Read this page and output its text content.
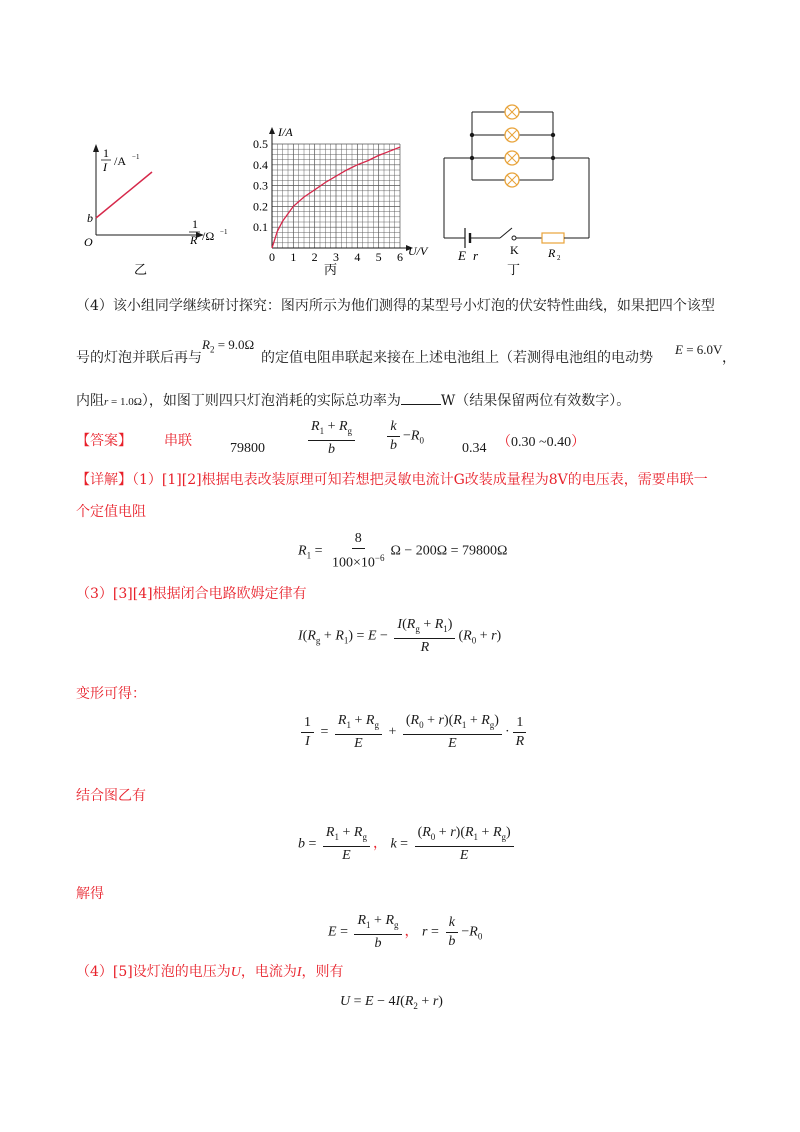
1
I /A −1
b
O
1
R /Ω −1
乙
0 1 2 3 4 5 6
0.1
0.2
0.3
0.4
0.5
I/A
U/V
丙
E r	K R 2
丁
（4）该小组同学继续研讨探究：图丙所示为他们测得的某型号小灯泡的伏安特性曲线，如果把四个该型
号的灯泡并联后再与
$R_2 = 9.0\Omega$
的定值电阻串联起来接在上述电池组上（若测得电池组的电动势
E = 6.0V
，
内阻r = 1.0Ω），如图丁则四只灯泡消耗的实际总功率为	W（结果保留两位有效数字）。
【答案】 串联	79800	$\frac{R_1 + R_g}{b} \frac{k}{b} -R_0$
0.34 （0.30 ~0.40）
【详解】（1）[1][2]根据电表改装原理可知若想把灵敏电流计G改装成量程为8V的电压表，需要串联一
个定值电阻
$R_1 = \frac{8}{100\times 10^{-6}}$ Ω − 200Ω = 79800Ω
（3）[3][4]根据闭合电路欧姆定律有
$I(R_g + R_1) = E - \frac{I(R_g + R_1)}{R} (R_0 + r)$
变形可得：
$\frac{1}{I} = \frac{R_1 + R_g}{E} + \frac{(R_0 + r)(R_1 + R_g)}{E} \cdot \frac{1}{R}$
结合图乙有
$b = \frac{R_1 + R_g}{E}$ ， $k = \frac{(R_0 + r)(R_1 + R_g)}{E}$
解得
$E = \frac{R_1 + R_g}{b}$ ， $r = \frac{k}{b} -R_0$
（4）[5]设灯泡的电压为U，电流为I，则有
$U = E - 4I(R_2 + r)$
